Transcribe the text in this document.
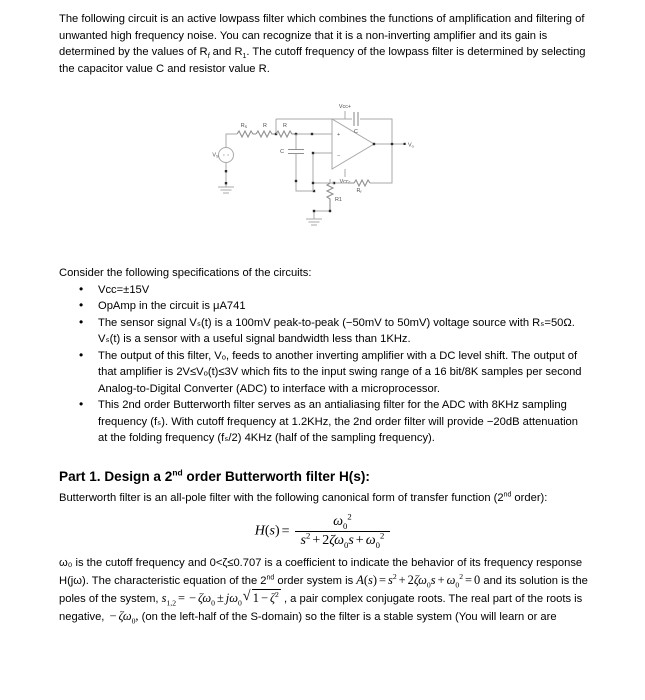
The following circuit is an active lowpass filter which combines the functions of amplification and filtering of unwanted high frequency noise. You can recognize that it is a non-inverting amplifier and its gain is determined by the values of $R_f$ and $R_1$. The cutoff frequency of the lowpass filter is determined by selecting the capacitor value C and resistor value R.

$V_S$
$R_S$	R	R
C
+
−
Vcc+
Vcc-
$V_o$
C
$R_f$
R1

Consider the following specifications of the circuits:

• Vcc=±15V
• OpAmp in the circuit is μA741
• The sensor signal Vₛ(t) is a 100mV peak-to-peak (−50mV to 50mV) voltage source with Rₛ=50Ω. Vₛ(t) is a sensor with a useful signal bandwidth less than 1KHz.
• The output of this filter, Vₒ, feeds to another inverting amplifier with a DC level shift. The output of that amplifier is 2V≤Vₒ(t)≤3V which fits to the input swing range of a 16 bit/8K samples per second Analog-to-Digital Converter (ADC) to interface with a microprocessor.
• This 2nd order Butterworth filter serves as an antialiasing filter for the ADC with 8KHz sampling frequency (fₛ). With cutoff frequency at 1.2KHz, the 2nd order filter will provide −20dB attenuation at the folding frequency (fₛ/2) 4KHz (half of the sampling frequency).
Part 1. Design a 2nd order Butterworth filter H(s):

Butterworth filter is an all-pole filter with the following canonical form of transfer function (2nd order):

$H(s) = \frac{\omega_0^2}{s^2 + 2\zeta\omega_0s + \omega_0^2}$

ω₀ is the cutoff frequency and 0<ζ≤0.707 is a coefficient to indicate the behavior of its frequency response H(jω). The characteristic equation of the 2nd order system is $A(s) = s^2 + 2\zeta\omega_0s + \omega_0^2 = 0$ and its solution is the poles of the system, $s_{1,2}$ = − $\zeta\omega_0 \pm j\omega_0$ √ $1 - \zeta^2$ , a pair complex conjugate roots. The real part of the roots is negative, − $\zeta\omega_0$, (on the left-half of the S-domain) so the filter is a stable system (You will learn or are
